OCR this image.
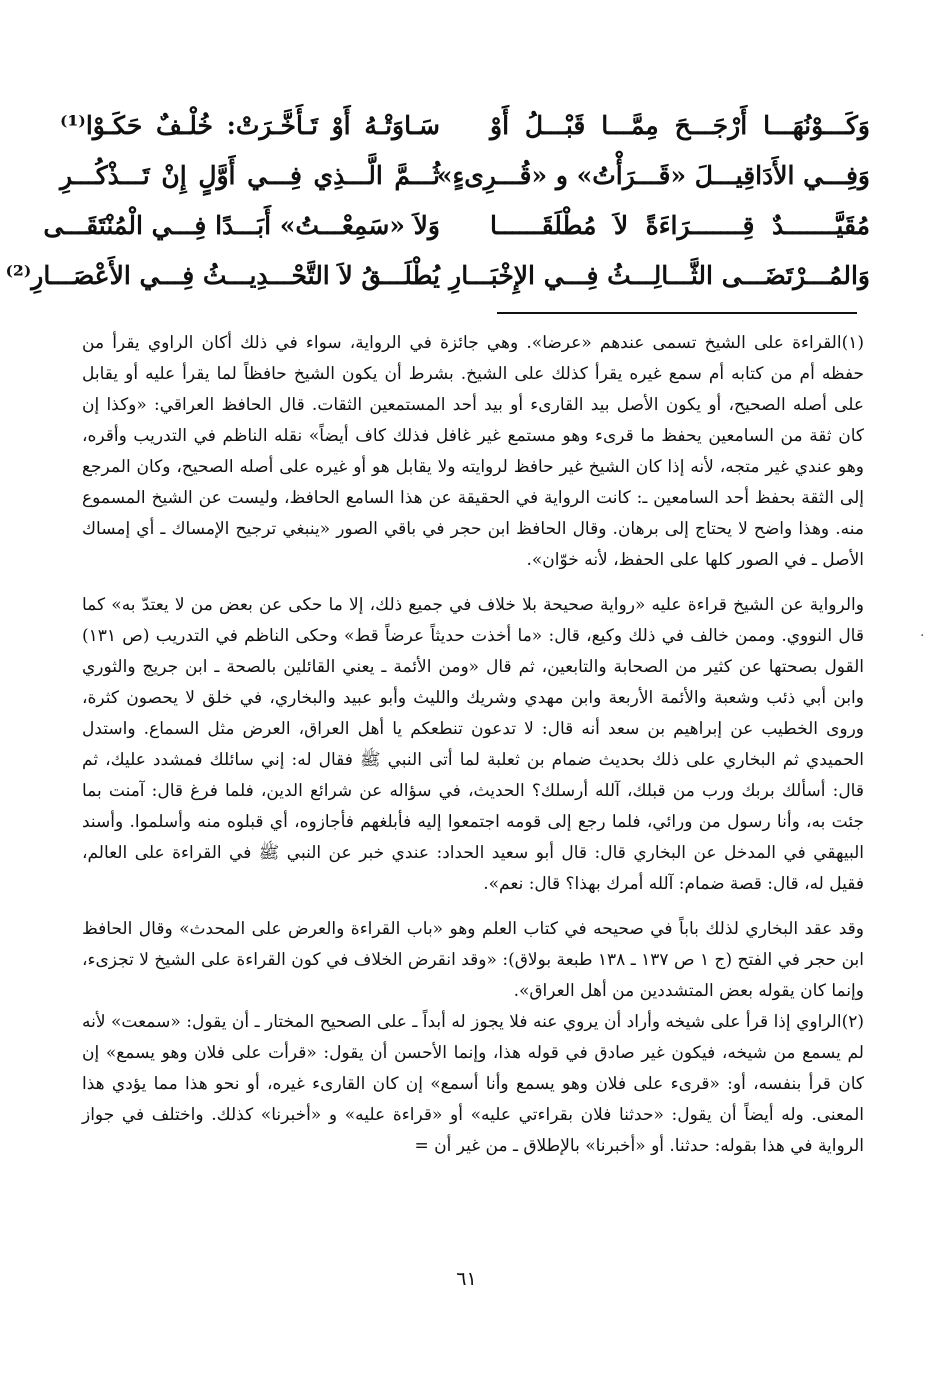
وَكَـــوْنُهَـــا أَرْجَـــحَ مِمَّـــا قَبْـــلُ أَوْ
سَـاوَتْـهُ أَوْ تَـأَخَّـرَتْ: خُلْـفٌ حَكَـوْا⁽¹⁾
وَفِـــي الأَدَاقِيـــلَ «قَـــرَأْتُ» و «قُـــرِىءٍ»
ثُـــمَّ الَّـــذِي فِـــي أَوَّلٍ إِنْ تَـــذْكُـــرِ
مُقَيَّـــــــدٌ قِـــــــرَاءَةً لاَ مُطْلَقَــــــا
وَلاَ «سَمِعْـــتُ» أَبَـــدًا فِـــي الْمُنْتَقَـــى
وَالمُـــرْتَضَـــى الثَّـــالِـــثُ فِـــي الإِخْبَـــارِ
يُطْلَـــقُ لاَ التَّحْـــدِيـــثُ فِـــي الأَعْصَـــارِ⁽²⁾

(١)القراءة على الشيخ تسمى عندهم «عرضا». وهي جائزة في الرواية، سواء في ذلك أكان الراوي يقرأ من حفظه أم من كتابه أم سمع غيره يقرأ كذلك على الشيخ. بشرط أن يكون الشيخ حافظاً لما يقرأ عليه أو يقابل على أصله الصحيح، أو يكون الأصل بيد القارىء أو بيد أحد المستمعين الثقات. قال الحافظ العراقي: «وكذا إن كان ثقة من السامعين يحفظ ما قرىء وهو مستمع غير غافل فذلك كاف أيضاً» نقله الناظم في التدريب وأقره، وهو عندي غير متجه، لأنه إذا كان الشيخ غير حافظ لروايته ولا يقابل هو أو غيره على أصله الصحيح، وكان المرجع إلى الثقة بحفظ أحد السامعين ـ: كانت الرواية في الحقيقة عن هذا السامع الحافظ، وليست عن الشيخ المسموع منه. وهذا واضح لا يحتاج إلى برهان. وقال الحافظ ابن حجر في باقي الصور «ينبغي ترجيح الإمساك ـ أي إمساك الأصل ـ في الصور كلها على الحفظ، لأنه خوّان».

والرواية عن الشيخ قراءة عليه «رواية صحيحة بلا خلاف في جميع ذلك، إلا ما حكى عن بعض من لا يعتدّ به» كما قال النووي. وممن خالف في ذلك وكيع، قال: «ما أخذت حديثاً عرضاً قط» وحكى الناظم في التدريب (ص ١٣١) القول بصحتها عن كثير من الصحابة والتابعين، ثم قال «ومن الأئمة ـ يعني القائلين بالصحة ـ ابن جريج والثوري وابن أبي ذئب وشعبة والأئمة الأربعة وابن مهدي وشريك والليث وأبو عبيد والبخاري، في خلق لا يحصون كثرة، وروى الخطيب عن إبراهيم بن سعد أنه قال: لا تدعون تنطعكم يا أهل العراق، العرض مثل السماع. واستدل الحميدي ثم البخاري على ذلك بحديث ضمام بن ثعلبة لما أتى النبي ﷺ فقال له: إني سائلك فمشدد عليك، ثم قال: أسألك بربك ورب من قبلك، آلله أرسلك؟ الحديث، في سؤاله عن شرائع الدين، فلما فرغ قال: آمنت بما جئت به، وأنا رسول من ورائي، فلما رجع إلى قومه اجتمعوا إليه فأبلغهم فأجازوه، أي قبلوه منه وأسلموا. وأسند البيهقي في المدخل عن البخاري قال: قال أبو سعيد الحداد: عندي خبر عن النبي ﷺ في القراءة على العالم، فقيل له، قال: قصة ضمام: آلله أمرك بهذا؟ قال: نعم».

وقد عقد البخاري لذلك باباً في صحيحه في كتاب العلم وهو «باب القراءة والعرض على المحدث» وقال الحافظ ابن حجر في الفتح (ج ١ ص ١٣٧ ـ ١٣٨ طبعة بولاق): «وقد انقرض الخلاف في كون القراءة على الشيخ لا تجزىء، وإنما كان يقوله بعض المتشددين من أهل العراق».

(٢)الراوي إذا قرأ على شيخه وأراد أن يروي عنه فلا يجوز له أبداً ـ على الصحيح المختار ـ أن يقول: «سمعت» لأنه لم يسمع من شيخه، فيكون غير صادق في قوله هذا، وإنما الأحسن أن يقول: «قرأت على فلان وهو يسمع» إن كان قرأ بنفسه، أو: «قرىء على فلان وهو يسمع وأنا أسمع» إن كان القارىء غيره، أو نحو هذا مما يؤدي هذا المعنى. وله أيضاً أن يقول: «حدثنا فلان بقراءتي عليه» أو «قراءة عليه» و «أخبرنا» كذلك. واختلف في جواز الرواية في هذا بقوله: حدثنا. أو «أخبرنا» بالإطلاق ـ من غير أن =

·
٦١
